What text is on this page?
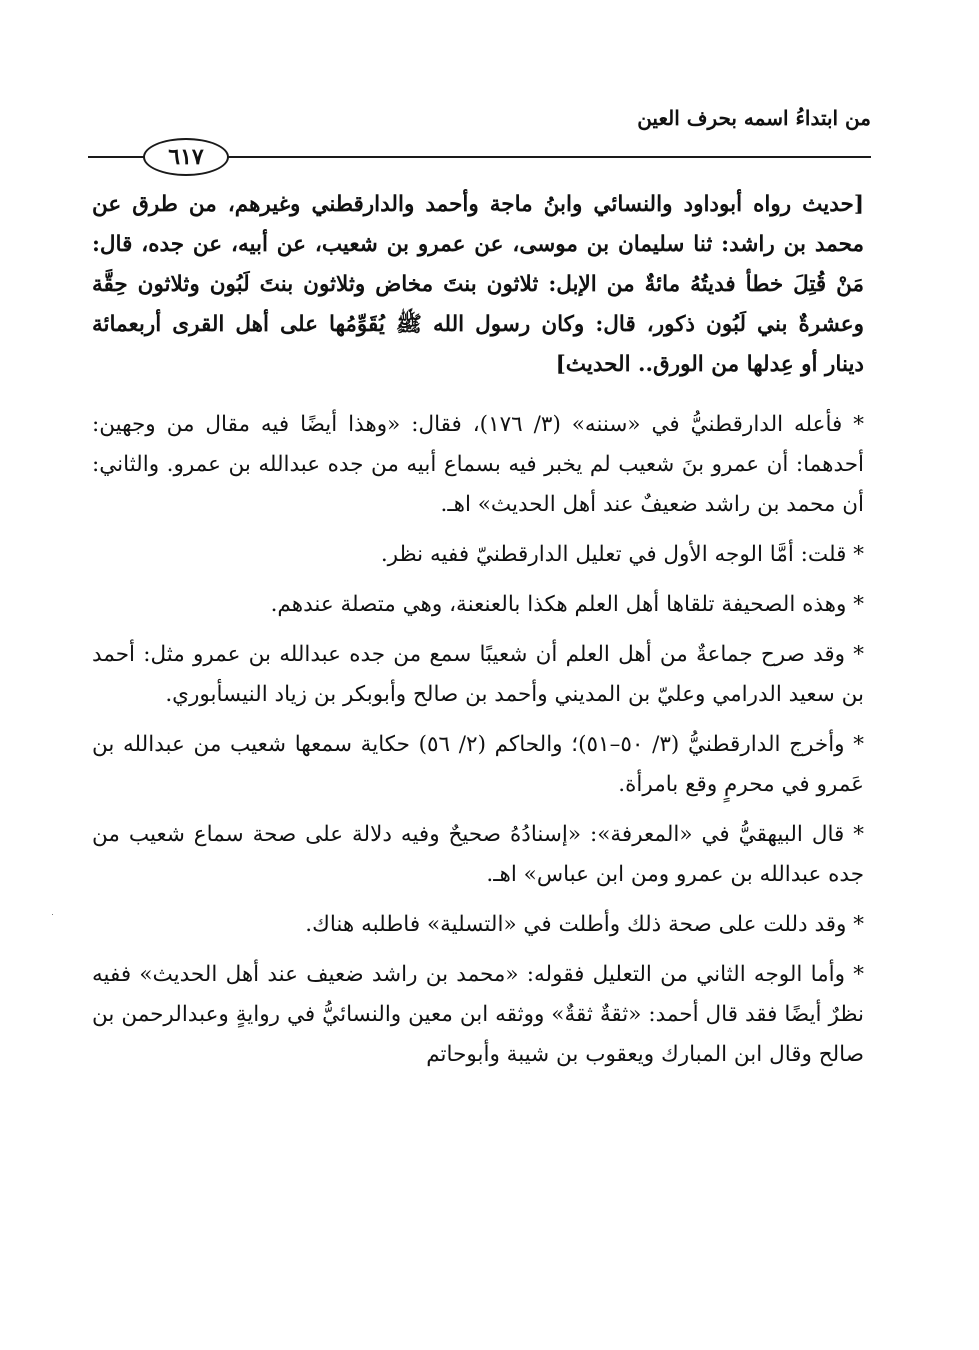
من ابتداءُ اسمه بحرف العين
٦١٧

[حديث رواه أبوداود والنسائي وابنُ ماجة وأحمد والدارقطني وغيرهم، من طرق عن محمد بن راشد: ثنا سليمان بن موسى، عن عمرو بن شعيب، عن أبيه، عن جده، قال: مَنْ قُتِلَ خطأ فديتُهُ مائةٌ من الإبل: ثلاثون بنتَ مخاض وثلاثون بنتَ لَبُون وثلاثون حِقَّة وعشرةٌ بني لَبُون ذكور، قال: وكان رسول الله ﷺ يُقَوِّمُها على أهل القرى أربعمائة دينار أو عِدلها من الورق.. الحديث]

* فأعله الدارقطنيُّ في «سننه» (٣/ ١٧٦)، فقال: «وهذا أيضًا فيه مقال من وجهين: أحدهما: أن عمرو بنَ شعيب لم يخبر فيه بسماع أبيه من جده عبدالله بن عمرو. والثاني: أن محمد بن راشد ضعيفٌ عند أهل الحديث» اهـ.

* قلت: أمَّا الوجه الأول في تعليل الدارقطنيّ ففيه نظر.

* وهذه الصحيفة تلقاها أهل العلم هكذا بالعنعنة، وهي متصلة عندهم.

* وقد صرح جماعةٌ من أهل العلم أن شعيبًا سمع من جده عبدالله بن عمرو مثل: أحمد بن سعيد الدرامي وعليّ بن المديني وأحمد بن صالح وأبوبكر بن زياد النيسأبوري.

* وأخرج الدارقطنيُّ (٣/ ٥٠–٥١)؛ والحاكم (٢/ ٥٦) حكاية سمعها شعيب من عبدالله بن عَمرو في محرمٍ وقع بامرأة.

* قال البيهقيُّ في «المعرفة»: «إسنادُهُ صحيحٌ وفيه دلالة على صحة سماع شعيب من جده عبدالله بن عمرو ومن ابن عباس» اهـ.

* وقد دللت على صحة ذلك وأطلت في «التسلية» فاطلبه هناك.

* وأما الوجه الثاني من التعليل فقوله: «محمد بن راشد ضعيف عند أهل الحديث» ففيه نظرٌ أيضًا فقد قال أحمد: «ثقةٌ ثقةٌ» ووثقه ابن معين والنسائيُّ في روايةٍ وعبدالرحمن بن صالح وقال ابن المبارك ويعقوب بن شيبة وأبوحاتم
